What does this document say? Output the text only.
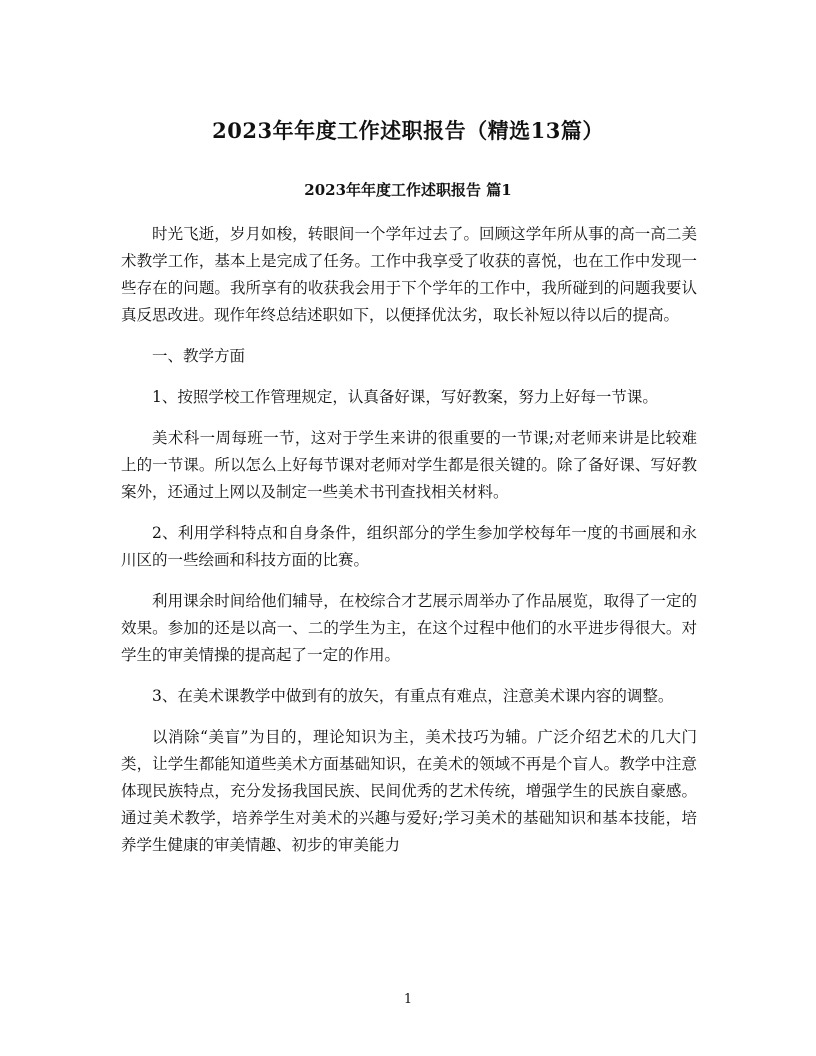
2023年年度工作述职报告（精选13篇）
2023年年度工作述职报告 篇1

时光飞逝，岁月如梭，转眼间一个学年过去了。回顾这学年所从事的高一高二美术教学工作，基本上是完成了任务。工作中我享受了收获的喜悦，也在工作中发现一些存在的问题。我所享有的收获我会用于下个学年的工作中，我所碰到的问题我要认真反思改进。现作年终总结述职如下，以便择优汰劣，取长补短以待以后的提高。

一、教学方面

1、按照学校工作管理规定，认真备好课，写好教案，努力上好每一节课。

美术科一周每班一节，这对于学生来讲的很重要的一节课;对老师来讲是比较难上的一节课。所以怎么上好每节课对老师对学生都是很关键的。除了备好课、写好教案外，还通过上网以及制定一些美术书刊查找相关材料。

2、利用学科特点和自身条件，组织部分的学生参加学校每年一度的书画展和永川区的一些绘画和科技方面的比赛。

利用课余时间给他们辅导，在校综合才艺展示周举办了作品展览，取得了一定的效果。参加的还是以高一、二的学生为主，在这个过程中他们的水平进步得很大。对学生的审美情操的提高起了一定的作用。

3、在美术课教学中做到有的放矢，有重点有难点，注意美术课内容的调整。

以消除“美盲”为目的，理论知识为主，美术技巧为辅。广泛介绍艺术的几大门类，让学生都能知道些美术方面基础知识，在美术的领域不再是个盲人。教学中注意体现民族特点，充分发扬我国民族、民间优秀的艺术传统，增强学生的民族自豪感。通过美术教学，培养学生对美术的兴趣与爱好;学习美术的基础知识和基本技能，培养学生健康的审美情趣、初步的审美能力

1
